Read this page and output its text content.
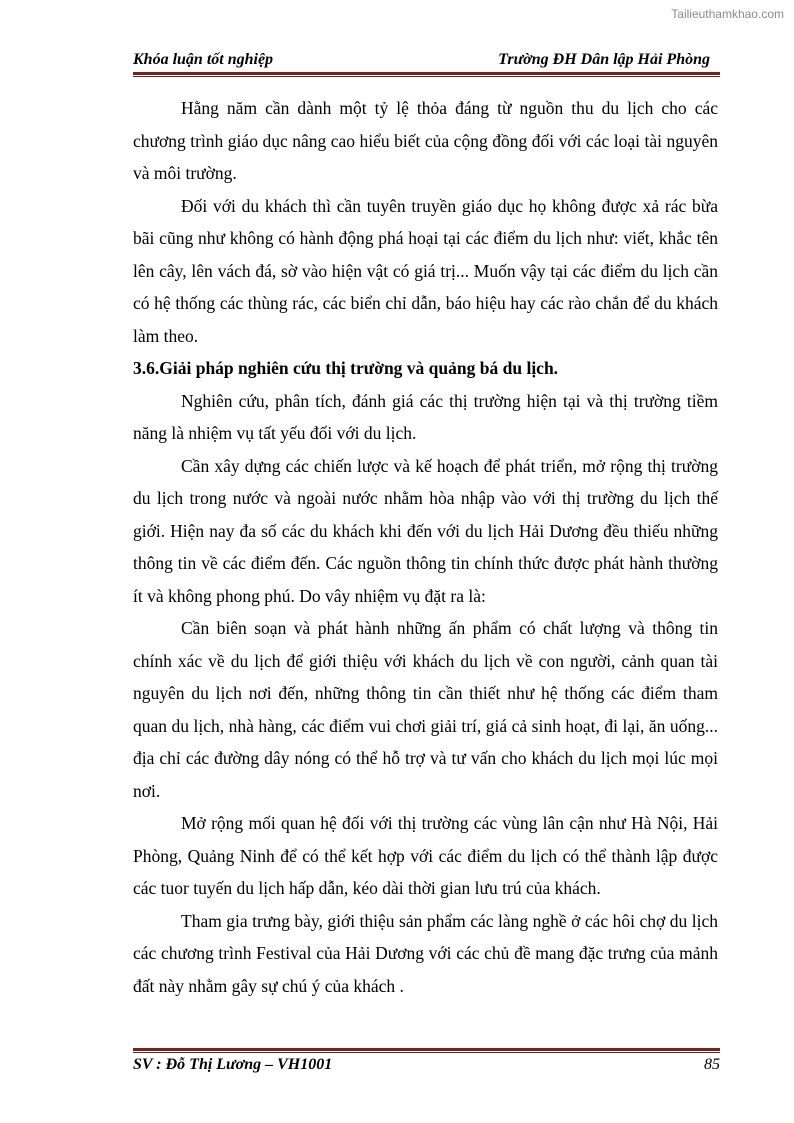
Tailieuthamkhao.com
Khóa luận tốt nghiệp	Trường ĐH Dân lập Hải Phòng

Hằng năm cần dành một tỷ lệ thỏa đáng từ nguồn thu du lịch cho các chương trình giáo dục nâng cao hiểu biết của cộng đồng đối với các loại tài nguyên và môi trường.

Đối với du khách thì cần tuyên truyền giáo dục họ không được xả rác bừa bãi cũng như không có hành động phá hoại tại các điểm du lịch như: viết, khắc tên lên cây, lên vách đá, sờ vào hiện vật có giá trị... Muốn vậy tại các điểm du lịch cần có hệ thống các thùng rác, các biển chỉ dẫn, báo hiệu hay các rào chắn để du khách làm theo.

3.6.Giải pháp nghiên cứu thị trường và quảng bá du lịch.

Nghiên cứu, phân tích, đánh giá các thị trường hiện tại và thị trường tiềm năng là nhiệm vụ tất yếu đối với du lịch.

Cần xây dựng các chiến lược và kế hoạch để phát triển, mở rộng thị trường du lịch trong nước và ngoài nước nhằm hòa nhập vào với thị trường du lịch thế giới. Hiện nay đa số các du khách khi đến với du lịch Hải Dương đều thiếu những thông tin về các điểm đến. Các nguồn thông tin chính thức được phát hành thường ít và không phong phú. Do vây nhiệm vụ đặt ra là:

Cần biên soạn và phát hành những ấn phẩm có chất lượng và thông tin chính xác về du lịch để giới thiệu với khách du lịch về con người, cảnh quan tài nguyên du lịch nơi đến, những thông tin cần thiết như hệ thống các điểm tham quan du lịch, nhà hàng, các điểm vui chơi giải trí, giá cả sinh hoạt, đi lại, ăn uống... địa chỉ các đường dây nóng có thể hỗ trợ và tư vấn cho khách du lịch mọi lúc mọi nơi.

Mở rộng mối quan hệ đối với thị trường các vùng lân cận như Hà Nội, Hải Phòng, Quảng Ninh để có thể kết hợp với các điểm du lịch có thể thành lập được các tuor tuyến du lịch hấp dẫn, kéo dài thời gian lưu trú của khách.

Tham gia trưng bày, giới thiệu sản phẩm các làng nghề ở các hôi chợ du lịch các chương trình Festival của Hải Dương với các chủ đề mang đặc trưng của mảnh đất này nhằm gây sự chú ý của khách .

SV : Đỗ Thị Lương – VH1001	85
